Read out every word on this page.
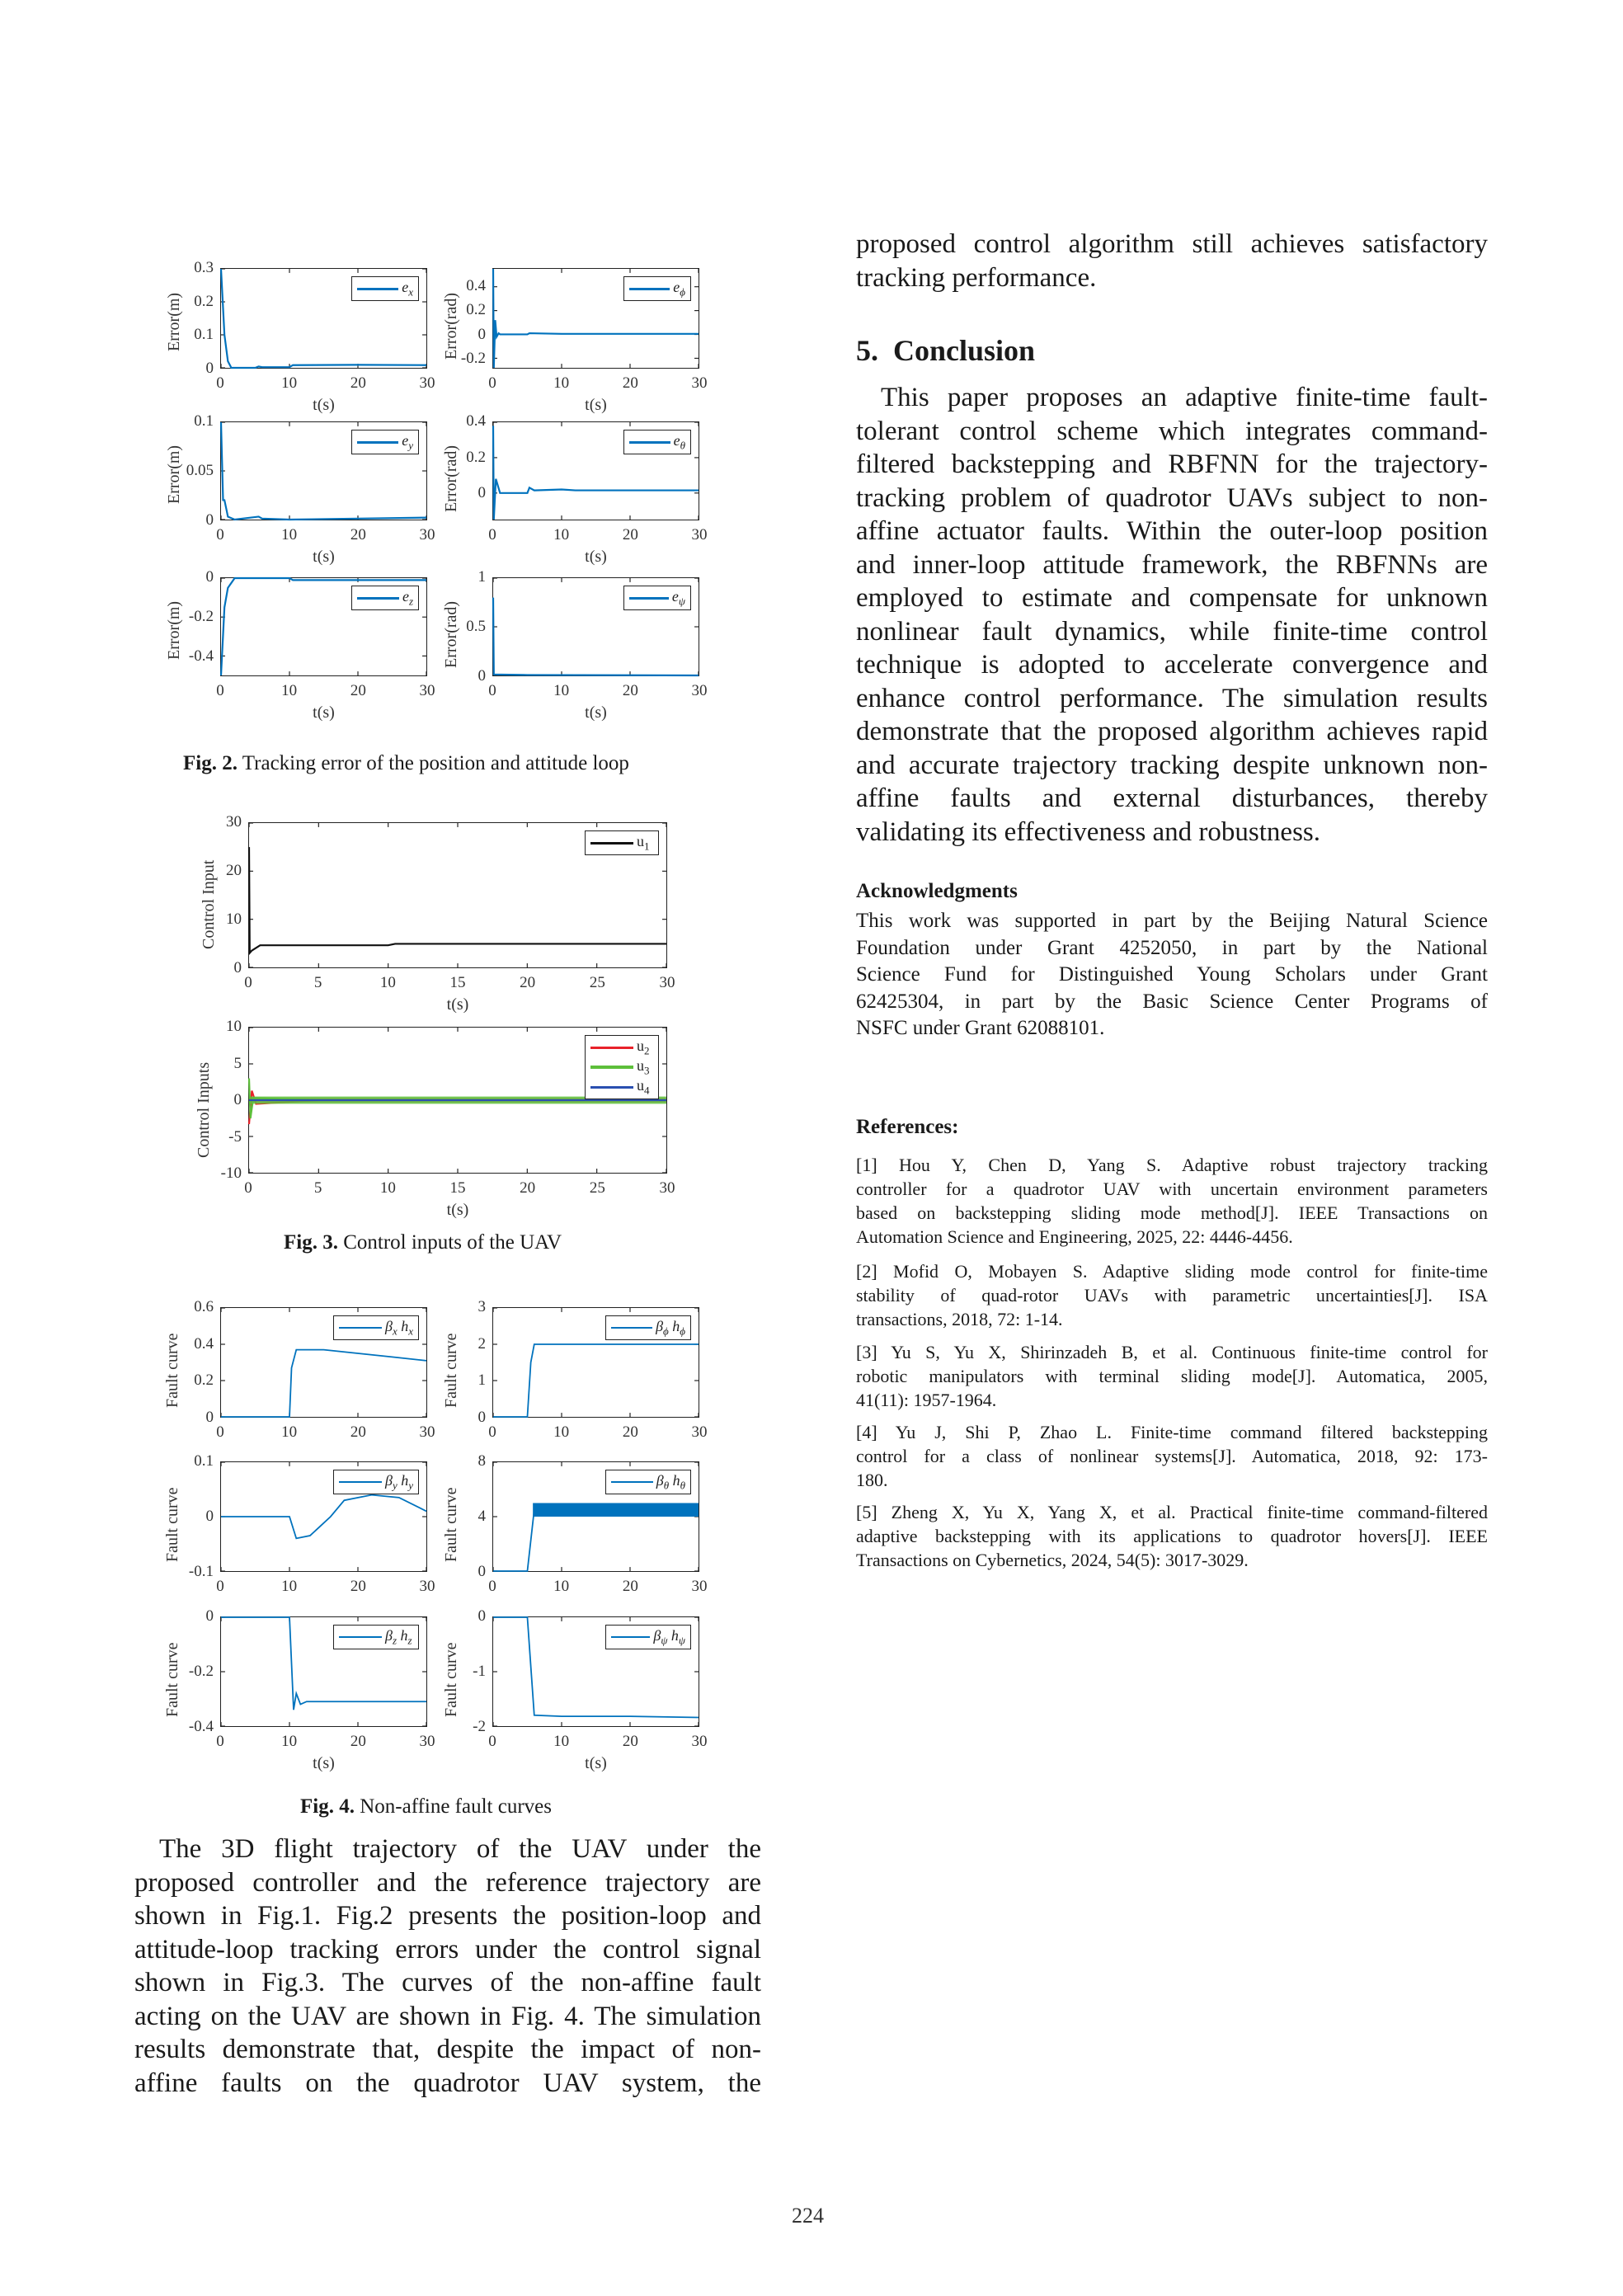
0.3
0.2
0.1
0
0	10	20	30
Error(m)
t(s)
$e_x$	0.4
0.2
0
-0.2
0	10	20	30
Error(rad)
t(s)
$e_\phi$
0.1
0.05
0
0	10	20	30
Error(m)
t(s)
$e_y$
0.4
0.2
0
0	10	20	30
Error(rad)
t(s)
$e_\theta$
0
-0.2
-0.4
0	10	20	30
Error(m)
t(s)
$e_z$
1
0.5
0
0	10	20	30
Error(rad)
t(s)
$e_\psi$
Fig. 2. Tracking error of the position and attitude loop
30
20
10
0
0	5	10	15	20	25	30
Control Input
t(s)
$u_1$
10
5
0
-5
-10
0	5	10	15	20	25	30
Control Inputs
t(s)
$u_2$
$u_3$
$u_4$
Fig. 3. Control inputs of the UAV
0.6
0.4
0.2
0
0	10	20	30
Fault curve
$\beta_x$ $h_x$
3
2
1
0
0	10	20	30
Fault curve
$\beta_\phi$ $h_\phi$
0.1
0
-0.1
0	10	20	30
Fault curve
$\beta_y$ $h_y$
8
4
0
0	10	20	30
Fault curve
$\beta_\theta$ $h_\theta$
0
-0.2
-0.4
0	10	20	30
Fault curve
t(s)
$\beta_z$ $h_z$
0
-1
-2
0	10	20	30
Fault curve
t(s)
$\beta_\psi$ $h_\psi$
Fig. 4. Non-affine fault curves
The 3D flight trajectory of the UAV under the
proposed controller and the reference trajectory are
shown in Fig.1. Fig.2 presents the position-loop and
attitude-loop tracking errors under the control signal
shown in Fig.3. The curves of the non-affine fault
acting on the UAV are shown in Fig. 4. The simulation
results demonstrate that, despite the impact of non-
affine faults on the quadrotor UAV system, the
proposed control algorithm still achieves satisfactory
tracking performance.
5.  Conclusion
This paper proposes an adaptive finite-time fault-
tolerant control scheme which integrates command-
filtered backstepping and RBFNN for the trajectory-
tracking problem of quadrotor UAVs subject to non-
affine actuator faults. Within the outer-loop position
and inner-loop attitude framework, the RBFNNs are
employed to estimate and compensate for unknown
nonlinear fault dynamics, while finite-time control
technique is adopted to accelerate convergence and
enhance control performance. The simulation results
demonstrate that the proposed algorithm achieves rapid
and accurate trajectory tracking despite unknown non-
affine faults and external disturbances, thereby
validating its effectiveness and robustness.
Acknowledgments
This work was supported in part by the Beijing Natural Science
Foundation under Grant 4252050, in part by the National
Science Fund for Distinguished Young Scholars under Grant
62425304, in part by the Basic Science Center Programs of
NSFC under Grant 62088101.
References:
[1] Hou Y, Chen D, Yang S. Adaptive robust trajectory tracking
controller for a quadrotor UAV with uncertain environment parameters
based on backstepping sliding mode method[J]. IEEE Transactions on
Automation Science and Engineering, 2025, 22: 4446-4456.
[2] Mofid O, Mobayen S. Adaptive sliding mode control for finite-time
stability of quad-rotor UAVs with parametric uncertainties[J]. ISA
transactions, 2018, 72: 1-14.
[3] Yu S, Yu X, Shirinzadeh B, et al. Continuous finite-time control for
robotic manipulators with terminal sliding mode[J]. Automatica, 2005,
41(11): 1957-1964.
[4] Yu J, Shi P, Zhao L. Finite-time command filtered backstepping
control for a class of nonlinear systems[J]. Automatica, 2018, 92: 173-
180.
[5] Zheng X, Yu X, Yang X, et al. Practical finite-time command-filtered
adaptive backstepping with its applications to quadrotor hovers[J]. IEEE
Transactions on Cybernetics, 2024, 54(5): 3017-3029.
224
